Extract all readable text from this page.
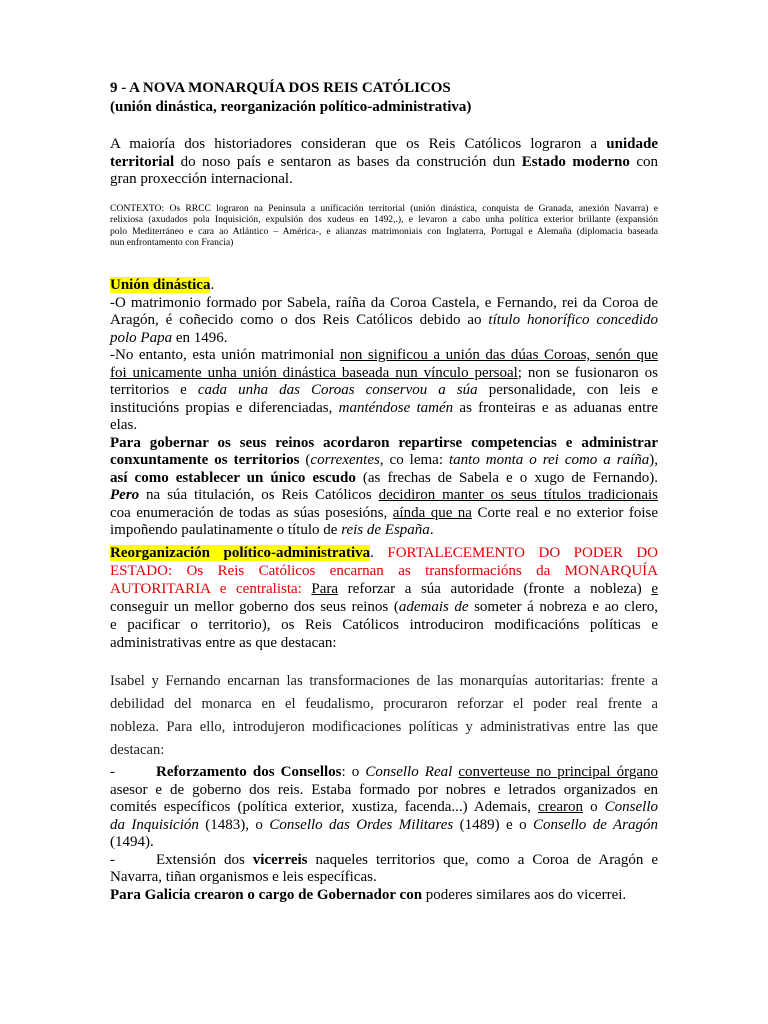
9 - A NOVA MONARQUÍA DOS REIS CATÓLICOS
(unión dinástica, reorganización político-administrativa)
A maioría dos historiadores consideran que os Reis Católicos lograron a unidade
territorial do noso país e sentaron as bases da construción dun Estado moderno con
gran proxección internacional.
CONTEXTO: Os RRCC lograron na Península a unificación territorial (unión dinástica, conquista de Granada, anexión Navarra) e
relixiosa (axudados pola Inquisición, expulsión dos xudeus en 1492,.), e levaron a cabo unha política exterior brillante (expansión
polo Mediterráneo e cara ao Atlántico – América-, e alianzas matrimoniais con Inglaterra, Portugal e Alemaña (diplomacia baseada
nun enfrontamento con Francia)
Unión dinástica.
-O matrimonio formado por Sabela, raíña da Coroa Castela, e Fernando, rei da Coroa de
Aragón, é coñecido como o dos Reis Católicos debido ao título honorífico concedido
polo Papa en 1496.
-No entanto, esta unión matrimonial non significou a unión das dúas Coroas, senón que
foi unicamente unha unión dinástica baseada nun vínculo persoal; non se fusionaron os
territorios e cada unha das Coroas conservou a súa personalidade, con leis e
institucións propias e diferenciadas, manténdose tamén as fronteiras e as aduanas entre
elas.
Para gobernar os seus reinos acordaron repartirse competencias e administrar
conxuntamente os territorios (correxentes, co lema: tanto monta o rei como a raíña),
así como establecer un único escudo (as frechas de Sabela e o xugo de Fernando).
Pero na súa titulación, os Reis Católicos decidiron manter os seus títulos tradicionais
coa enumeración de todas as súas posesións, aínda que na Corte real e no exterior foise
impoñendo paulatinamente o título de reis de España.
Reorganización político-administrativa. FORTALECEMENTO DO PODER DO
ESTADO: Os Reis Católicos encarnan as transformacións da MONARQUÍA
AUTORITARIA e centralista: Para reforzar a súa autoridade (fronte a nobleza) e
conseguir un mellor goberno dos seus reinos (ademais de someter á nobreza e ao clero,
e pacificar o territorio), os Reis Católicos introduciron modificacións políticas e
administrativas entre as que destacan:
Isabel y Fernando encarnan las transformaciones de las monarquías autoritarias: frente a
debilidad del monarca en el feudalismo, procuraron reforzar el poder real frente a
nobleza. Para ello, introdujeron modificaciones políticas y administrativas entre las que
destacan:
-	Reforzamento dos Consellos: o Consello Real converteuse no principal órgano
asesor e de goberno dos reis. Estaba formado por nobres e letrados organizados en
comités específicos (política exterior, xustiza, facenda...) Ademais, crearon o Consello
da Inquisición (1483), o Consello das Ordes Militares (1489) e o Consello de Aragón
(1494).
-	Extensión dos vicerreis naqueles territorios que, como a Coroa de Aragón e
Navarra, tiñan organismos e leis específicas.
Para Galicia crearon o cargo de Gobernador con poderes similares aos do vicerrei.
